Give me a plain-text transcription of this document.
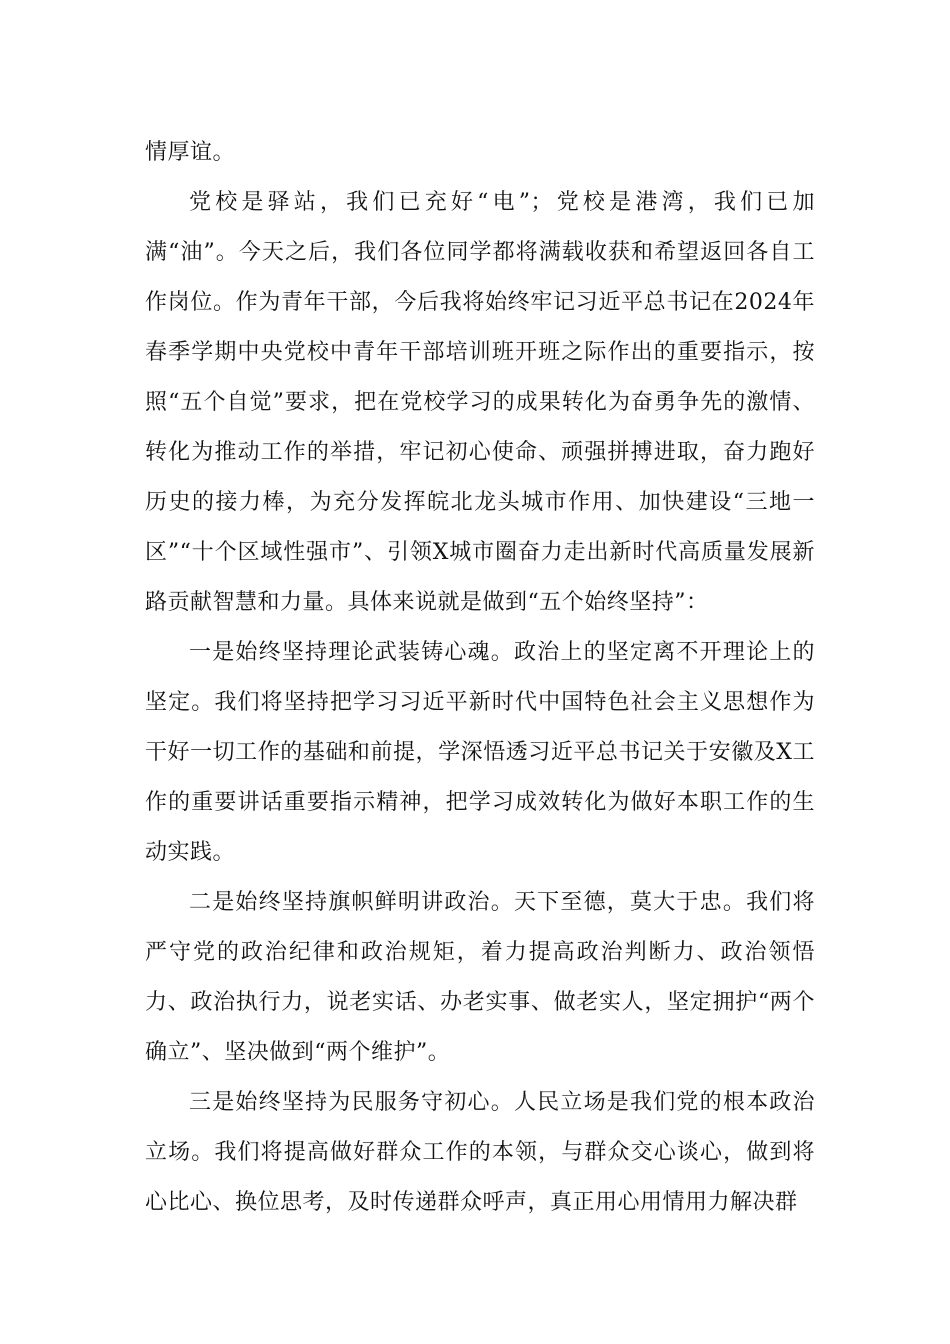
情厚谊。

党校是驿站，我们已充好“电”；党校是港湾，我们已加满“油”。今天之后，我们各位同学都将满载收获和希望返回各自工作岗位。作为青年干部，今后我将始终牢记习近平总书记在2024年春季学期中央党校中青年干部培训班开班之际作出的重要指示，按照“五个自觉”要求，把在党校学习的成果转化为奋勇争先的激情、转化为推动工作的举措，牢记初心使命、顽强拼搏进取，奋力跑好历史的接力棒，为充分发挥皖北龙头城市作用、加快建设“三地一区”“十个区域性强市”、引领X城市圈奋力走出新时代高质量发展新路贡献智慧和力量。具体来说就是做到“五个始终坚持”：

一是始终坚持理论武装铸心魂。政治上的坚定离不开理论上的坚定。我们将坚持把学习习近平新时代中国特色社会主义思想作为干好一切工作的基础和前提，学深悟透习近平总书记关于安徽及X工作的重要讲话重要指示精神，把学习成效转化为做好本职工作的生动实践。

二是始终坚持旗帜鲜明讲政治。天下至德，莫大于忠。我们将严守党的政治纪律和政治规矩，着力提高政治判断力、政治领悟力、政治执行力，说老实话、办老实事、做老实人，坚定拥护“两个确立”、坚决做到“两个维护”。

三是始终坚持为民服务守初心。人民立场是我们党的根本政治立场。我们将提高做好群众工作的本领，与群众交心谈心，做到将心比心、换位思考，及时传递群众呼声，真正用心用情用力解决群
